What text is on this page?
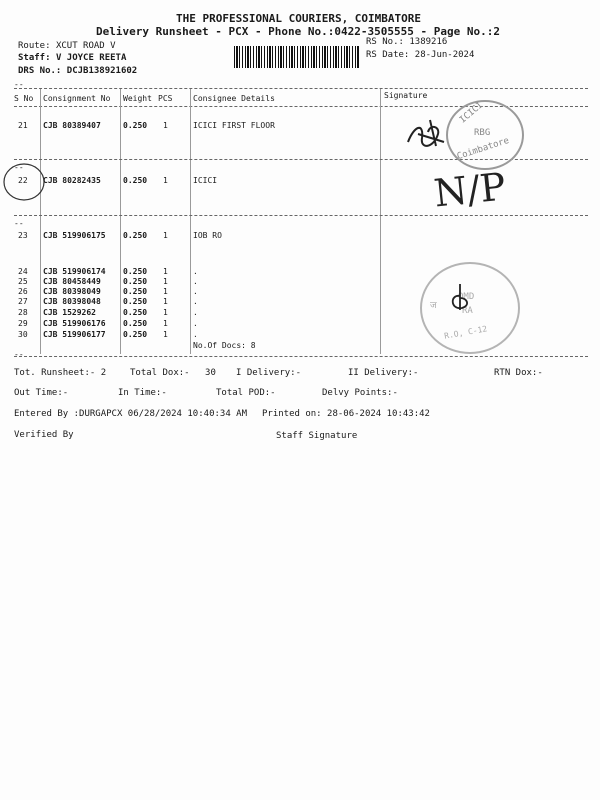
THE PROFESSIONAL COURIERS, COIMBATORE
Delivery Runsheet - PCX - Phone No.:0422-3505555 - Page No.:2
Route: XCUT ROAD V
Staff: V JOYCE REETA
DRS No.: DCJB138921602
RS No.: 1389216
RS Date: 28-Jun-2024
--
S No Consignment No Weight PCS	Consignee Details	Signature
21 CJB 80389407	0.250 1	ICICI FIRST FLOOR
--
22 CJB 80282435	0.250 1	ICICI
--
23 CJB 519906175 0.250 1	IOB RO
24 CJB 519906174 0.250 1	.
25 CJB 80458449	0.250 1	.
26 CJB 80398049	0.250 1	.
27 CJB 80398048	0.250 1	.
28 CJB 1529262	0.250 1	.
29 CJB 519906176 0.250 1	.
30 CJB 519906177 0.250 1	.
No.Of Docs: 8
--
ICICI
RBG
Coimbatore
N/P
ज
OMD
RA
R.O, C-12
Tot. Runsheet:- 2	Total Dox:- 30 I Delivery:-	II Delivery:-	RTN Dox:-
Out Time:-	In Time:-	Total POD:-	Delvy Points:-
Entered By :DURGAPCX 06/28/2024 10:40:34 AM Printed on: 28-06-2024 10:43:42
Verified By	Staff Signature
